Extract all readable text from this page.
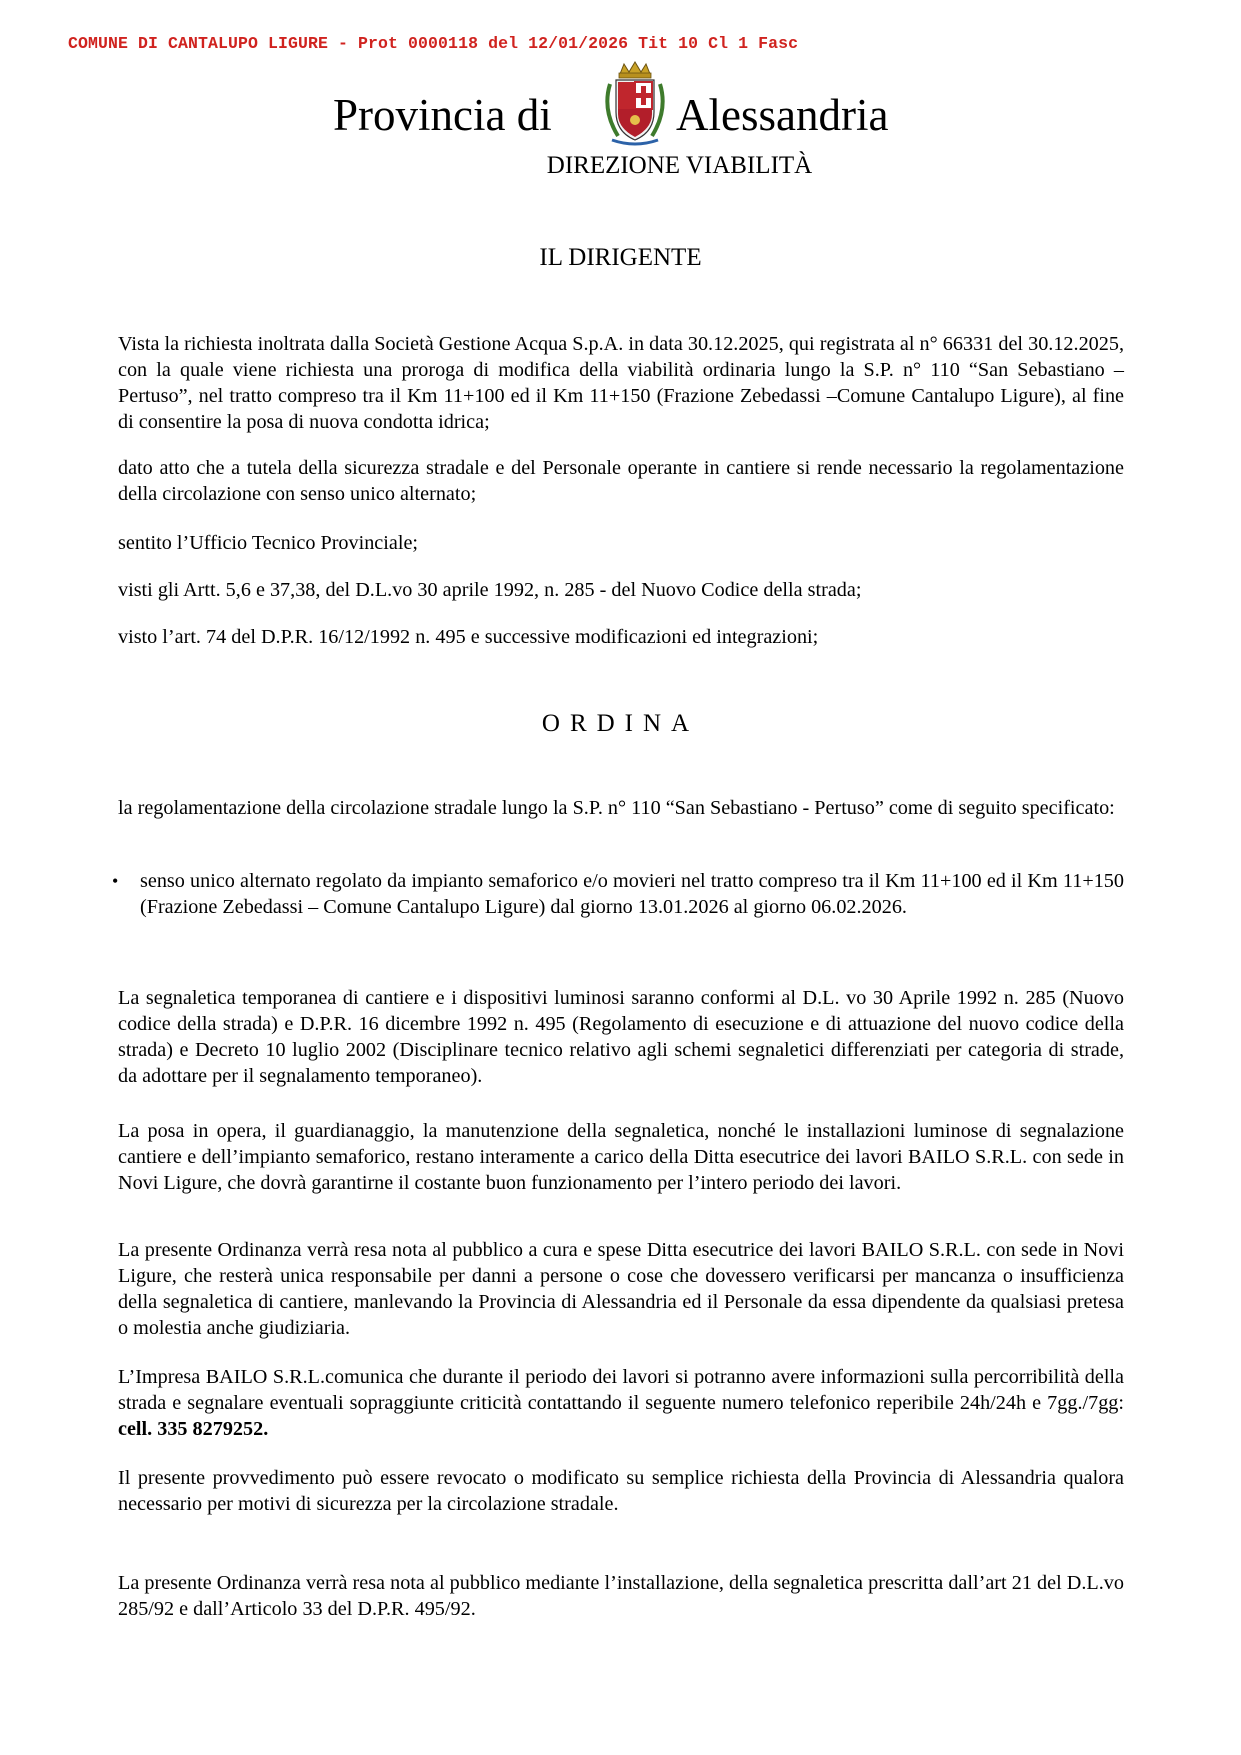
COMUNE DI CANTALUPO LIGURE - Prot 0000118 del 12/01/2026 Tit 10 Cl 1 Fasc
Provincia di	Alessandria
DIREZIONE VIABILITÀ
IL DIRIGENTE
Vista la richiesta inoltrata dalla Società Gestione Acqua S.p.A. in data 30.12.2025, qui registrata al n° 66331 del 30.12.2025, con la quale viene richiesta una proroga di modifica della viabilità ordinaria lungo la S.P. n° 110 “San Sebastiano – Pertuso”, nel tratto compreso tra il Km 11+100 ed il Km 11+150 (Frazione Zebedassi –Comune Cantalupo Ligure), al fine di consentire la posa di nuova condotta idrica;
dato atto che a tutela della sicurezza stradale e del Personale operante in cantiere si rende necessario la regolamentazione della circolazione con senso unico alternato;
sentito l’Ufficio Tecnico Provinciale;
visti gli Artt. 5,6 e 37,38, del D.L.vo 30 aprile 1992, n. 285 - del Nuovo Codice della strada;
visto l’art. 74 del D.P.R. 16/12/1992 n. 495 e successive modificazioni ed integrazioni;
ORDINA
la regolamentazione della circolazione stradale lungo la S.P. n° 110 “San Sebastiano - Pertuso” come di seguito specificato:
• senso unico alternato regolato da impianto semaforico e/o movieri nel tratto compreso tra il Km 11+100 ed il Km 11+150 (Frazione Zebedassi – Comune Cantalupo Ligure) dal giorno 13.01.2026 al giorno 06.02.2026.
La segnaletica temporanea di cantiere e i dispositivi luminosi saranno conformi al D.L. vo 30 Aprile 1992 n. 285 (Nuovo codice della strada) e D.P.R. 16 dicembre 1992 n. 495 (Regolamento di esecuzione e di attuazione del nuovo codice della strada) e Decreto 10 luglio 2002 (Disciplinare tecnico relativo agli schemi segnaletici differenziati per categoria di strade, da adottare per il segnalamento temporaneo).
La posa in opera, il guardianaggio, la manutenzione della segnaletica, nonché le installazioni luminose di segnalazione cantiere e dell’impianto semaforico, restano interamente a carico della Ditta esecutrice dei lavori BAILO S.R.L. con sede in Novi Ligure, che dovrà garantirne il costante buon funzionamento per l’intero periodo dei lavori.
La presente Ordinanza verrà resa nota al pubblico a cura e spese Ditta esecutrice dei lavori BAILO S.R.L. con sede in Novi Ligure, che resterà unica responsabile per danni a persone o cose che dovessero verificarsi per mancanza o insufficienza della segnaletica di cantiere, manlevando la Provincia di Alessandria ed il Personale da essa dipendente da qualsiasi pretesa o molestia anche giudiziaria.
L’Impresa BAILO S.R.L.comunica che durante il periodo dei lavori si potranno avere informazioni sulla percorribilità della strada e segnalare eventuali sopraggiunte criticità contattando il seguente numero telefonico reperibile 24h/24h e 7gg./7gg: cell. 335 8279252.
Il presente provvedimento può essere revocato o modificato su semplice richiesta della Provincia di Alessandria qualora necessario per motivi di sicurezza per la circolazione stradale.
La presente Ordinanza verrà resa nota al pubblico mediante l’installazione, della segnaletica prescritta dall’art 21 del D.L.vo 285/92 e dall’Articolo 33 del D.P.R. 495/92.
